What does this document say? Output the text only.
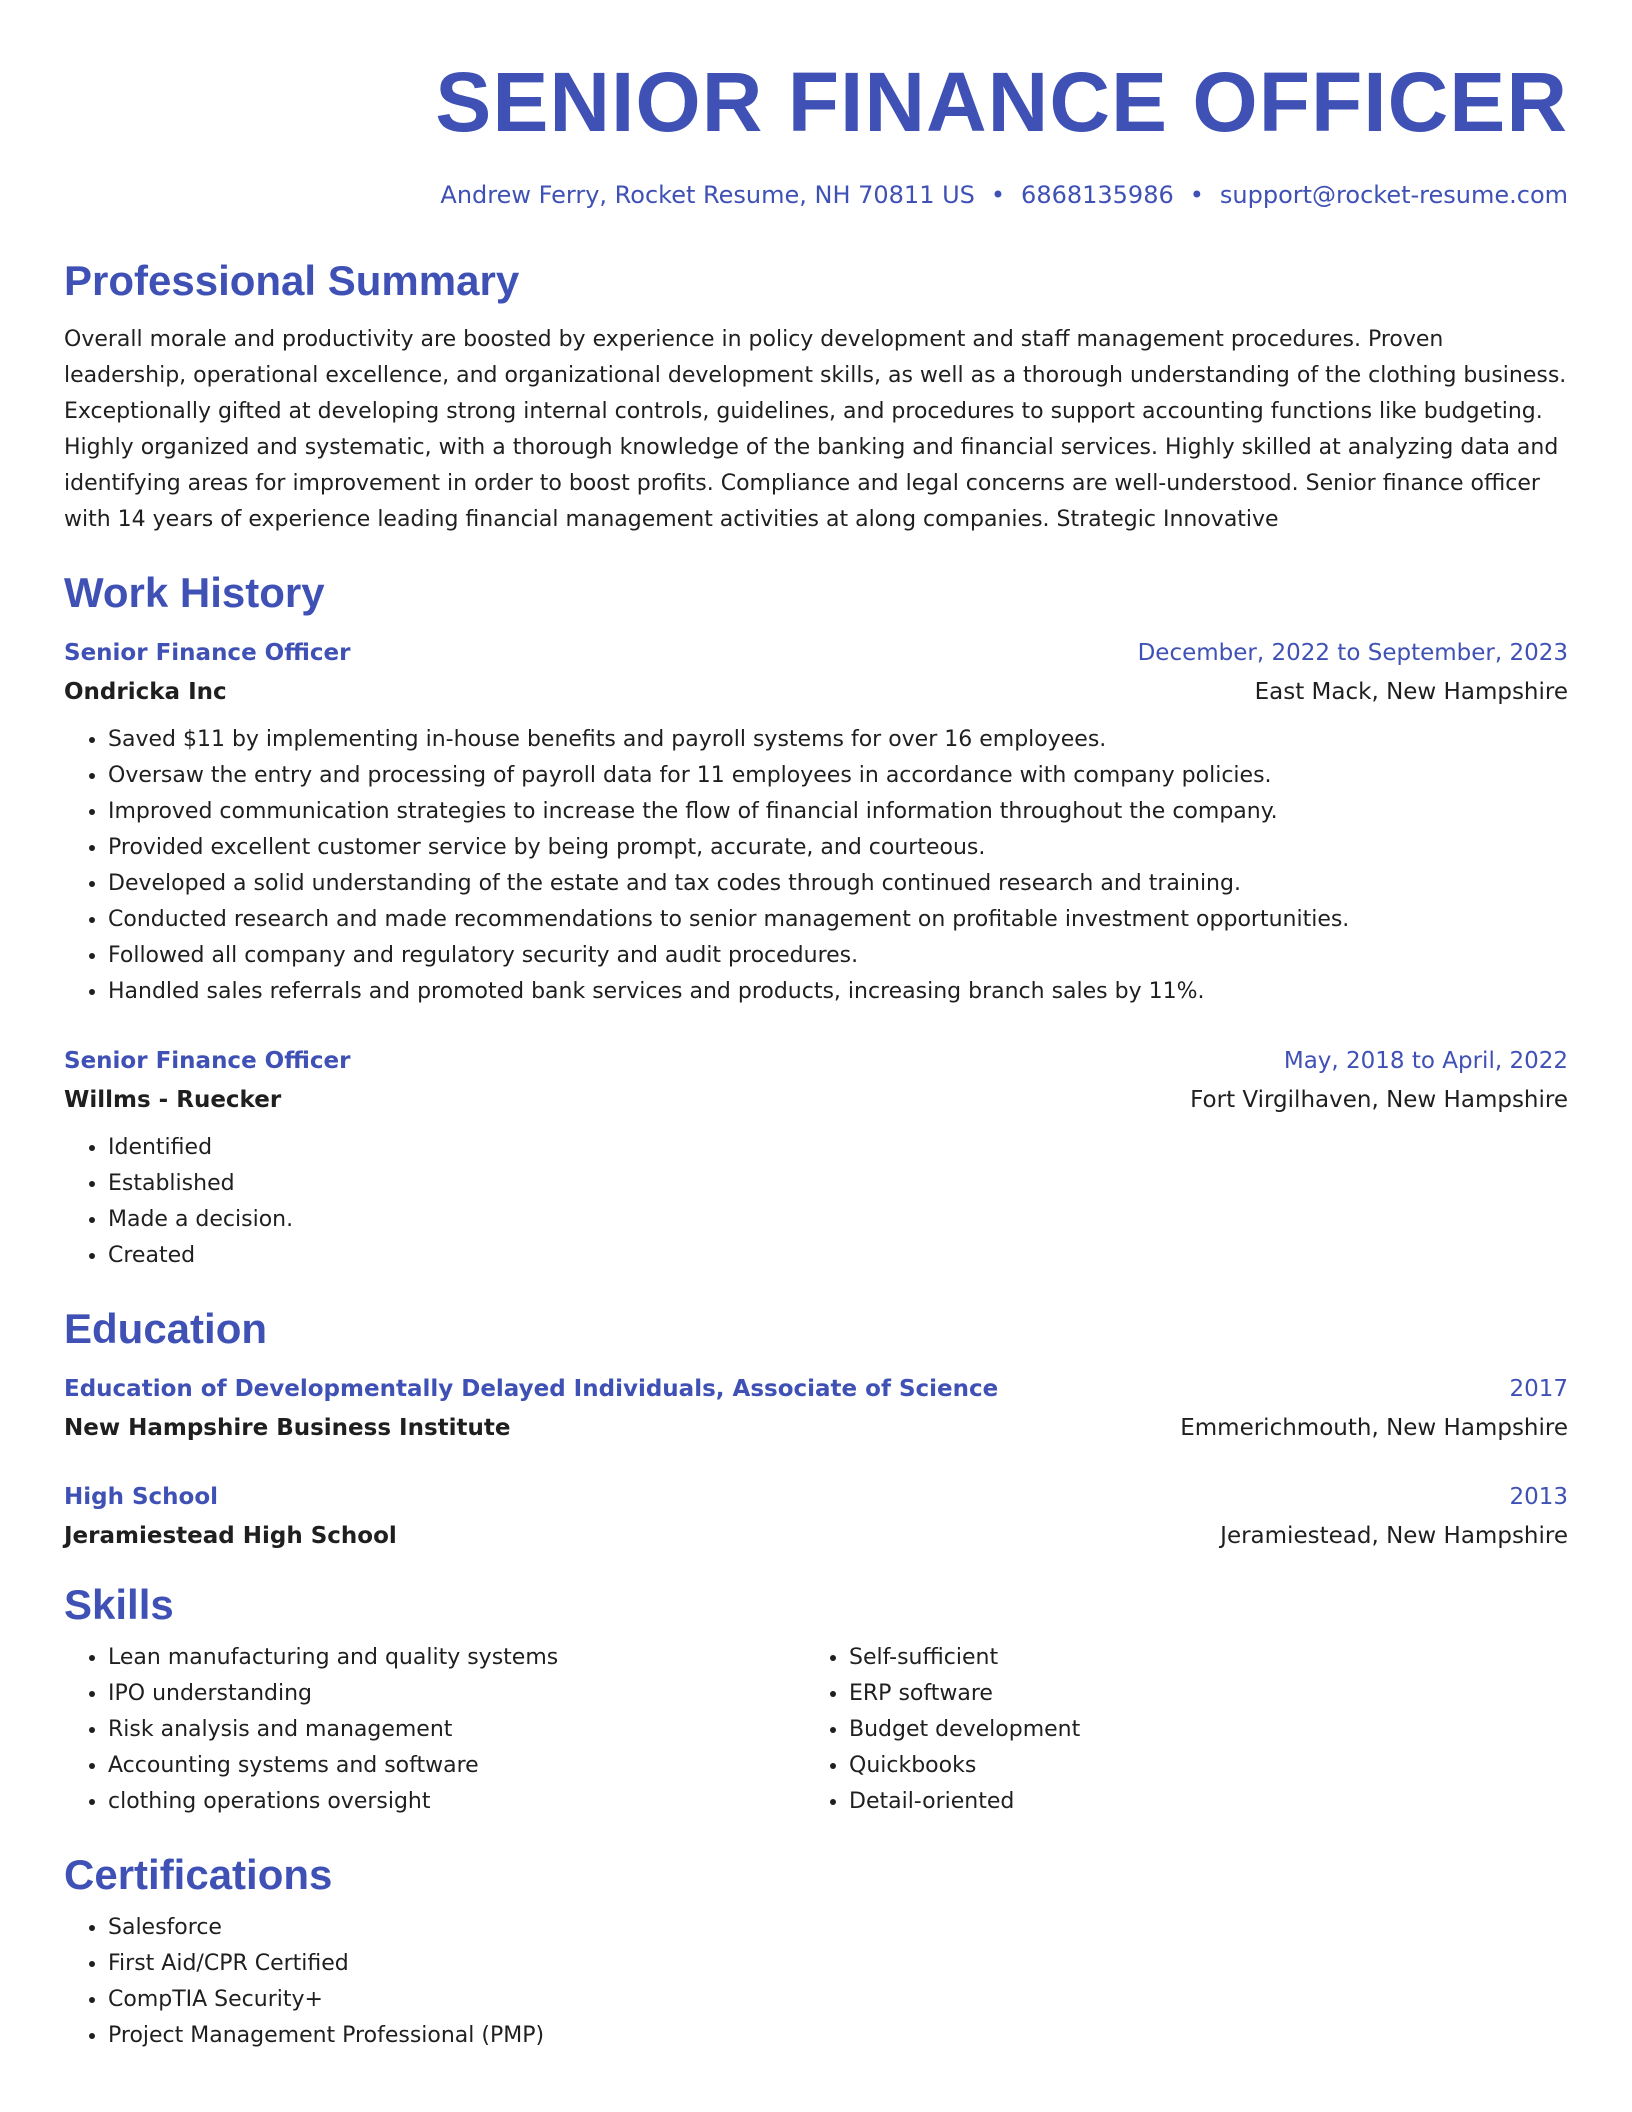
SENIOR FINANCE OFFICER
Andrew Ferry, Rocket Resume, NH 70811 US • 6868135986 • support@rocket-resume.com
Professional Summary
Overall morale and productivity are boosted by experience in policy development and staff management procedures. Proven leadership, operational excellence, and organizational development skills, as well as a thorough understanding of the clothing business. Exceptionally gifted at developing strong internal controls, guidelines, and procedures to support accounting functions like budgeting. Highly organized and systematic, with a thorough knowledge of the banking and financial services. Highly skilled at analyzing data and identifying areas for improvement in order to boost profits. Compliance and legal concerns are well-understood. Senior finance officer with 14 years of experience leading financial management activities at along companies. Strategic Innovative
Work History
Senior Finance Officer	December, 2022 to September, 2023
Ondricka Inc	East Mack, New Hampshire
• Saved $11 by implementing in-house benefits and payroll systems for over 16 employees.
• Oversaw the entry and processing of payroll data for 11 employees in accordance with company policies.
• Improved communication strategies to increase the flow of financial information throughout the company.
• Provided excellent customer service by being prompt, accurate, and courteous.
• Developed a solid understanding of the estate and tax codes through continued research and training.
• Conducted research and made recommendations to senior management on profitable investment opportunities.
• Followed all company and regulatory security and audit procedures.
• Handled sales referrals and promoted bank services and products, increasing branch sales by 11%.
Senior Finance Officer	May, 2018 to April, 2022
Willms - Ruecker	Fort Virgilhaven, New Hampshire
• Identified
• Established
• Made a decision.
• Created
Education
Education of Developmentally Delayed Individuals, Associate of Science	2017
New Hampshire Business Institute	Emmerichmouth, New Hampshire
High School	2013
Jeramiestead High School	Jeramiestead, New Hampshire
Skills
• Lean manufacturing and quality systems
• IPO understanding
• Risk analysis and management
• Accounting systems and software
• clothing operations oversight
• Self-sufficient
• ERP software
• Budget development
• Quickbooks
• Detail-oriented
Certifications
• Salesforce
• First Aid/CPR Certified
• CompTIA Security+
• Project Management Professional (PMP)
